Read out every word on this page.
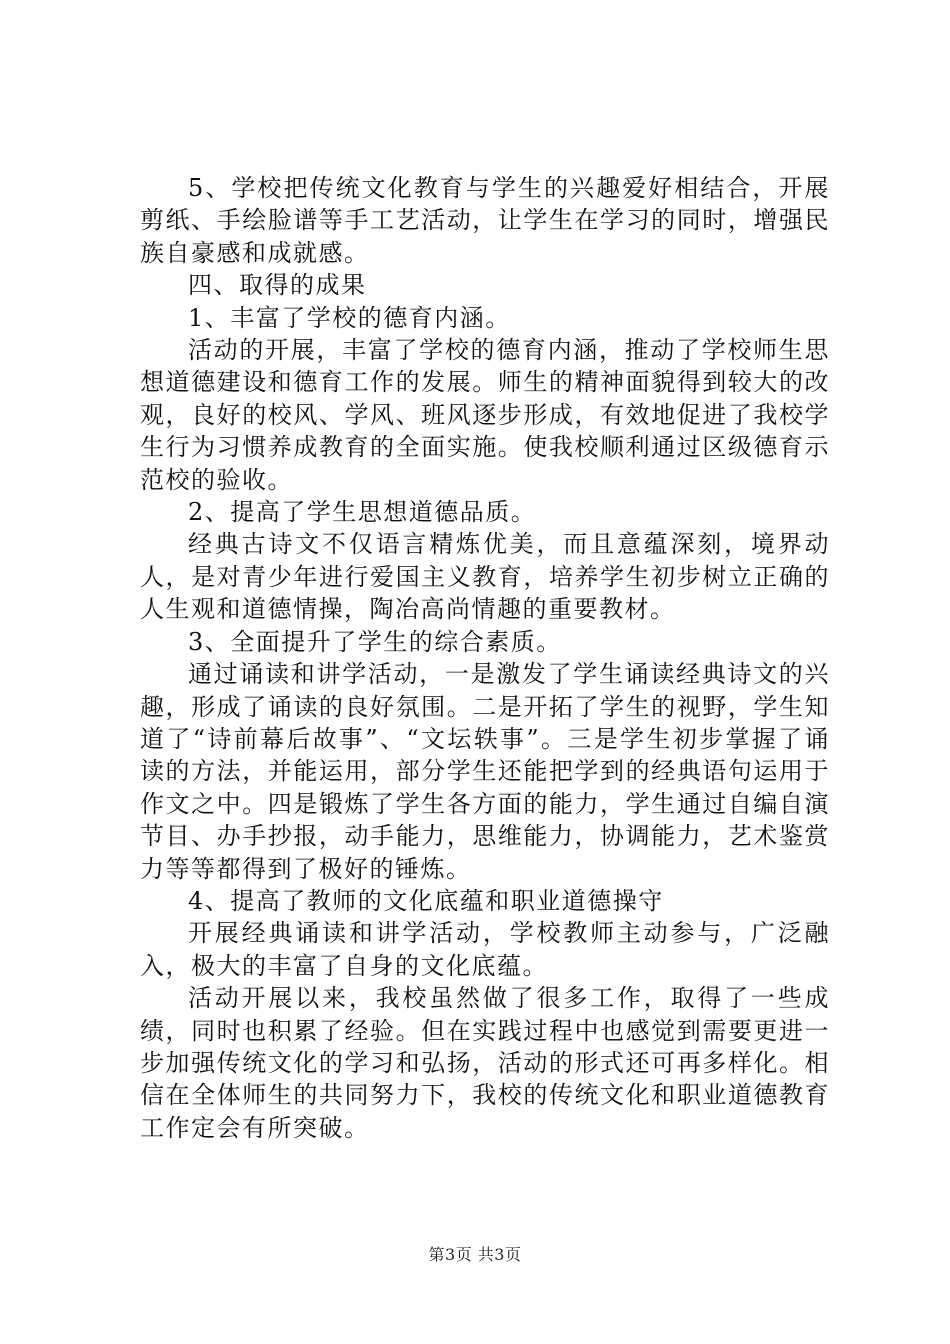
5、学校把传统文化教育与学生的兴趣爱好相结合，开展剪纸、手绘脸谱等手工艺活动，让学生在学习的同时，增强民族自豪感和成就感。

四、取得的成果

1、丰富了学校的德育内涵。

活动的开展，丰富了学校的德育内涵，推动了学校师生思想道德建设和德育工作的发展。师生的精神面貌得到较大的改观，良好的校风、学风、班风逐步形成，有效地促进了我校学生行为习惯养成教育的全面实施。使我校顺利通过区级德育示范校的验收。

2、提高了学生思想道德品质。

经典古诗文不仅语言精炼优美，而且意蕴深刻，境界动人，是对青少年进行爱国主义教育，培养学生初步树立正确的人生观和道德情操，陶冶高尚情趣的重要教材。

3、全面提升了学生的综合素质。

通过诵读和讲学活动，一是激发了学生诵读经典诗文的兴趣，形成了诵读的良好氛围。二是开拓了学生的视野，学生知道了“诗前幕后故事”、“文坛轶事”。三是学生初步掌握了诵读的方法，并能运用，部分学生还能把学到的经典语句运用于作文之中。四是锻炼了学生各方面的能力，学生通过自编自演节目、办手抄报，动手能力，思维能力，协调能力，艺术鉴赏力等等都得到了极好的锤炼。

4、提高了教师的文化底蕴和职业道德操守

开展经典诵读和讲学活动，学校教师主动参与，广泛融入，极大的丰富了自身的文化底蕴。

活动开展以来，我校虽然做了很多工作，取得了一些成绩，同时也积累了经验。但在实践过程中也感觉到需要更进一步加强传统文化的学习和弘扬，活动的形式还可再多样化。相信在全体师生的共同努力下，我校的传统文化和职业道德教育工作定会有所突破。

第3页 共3页
